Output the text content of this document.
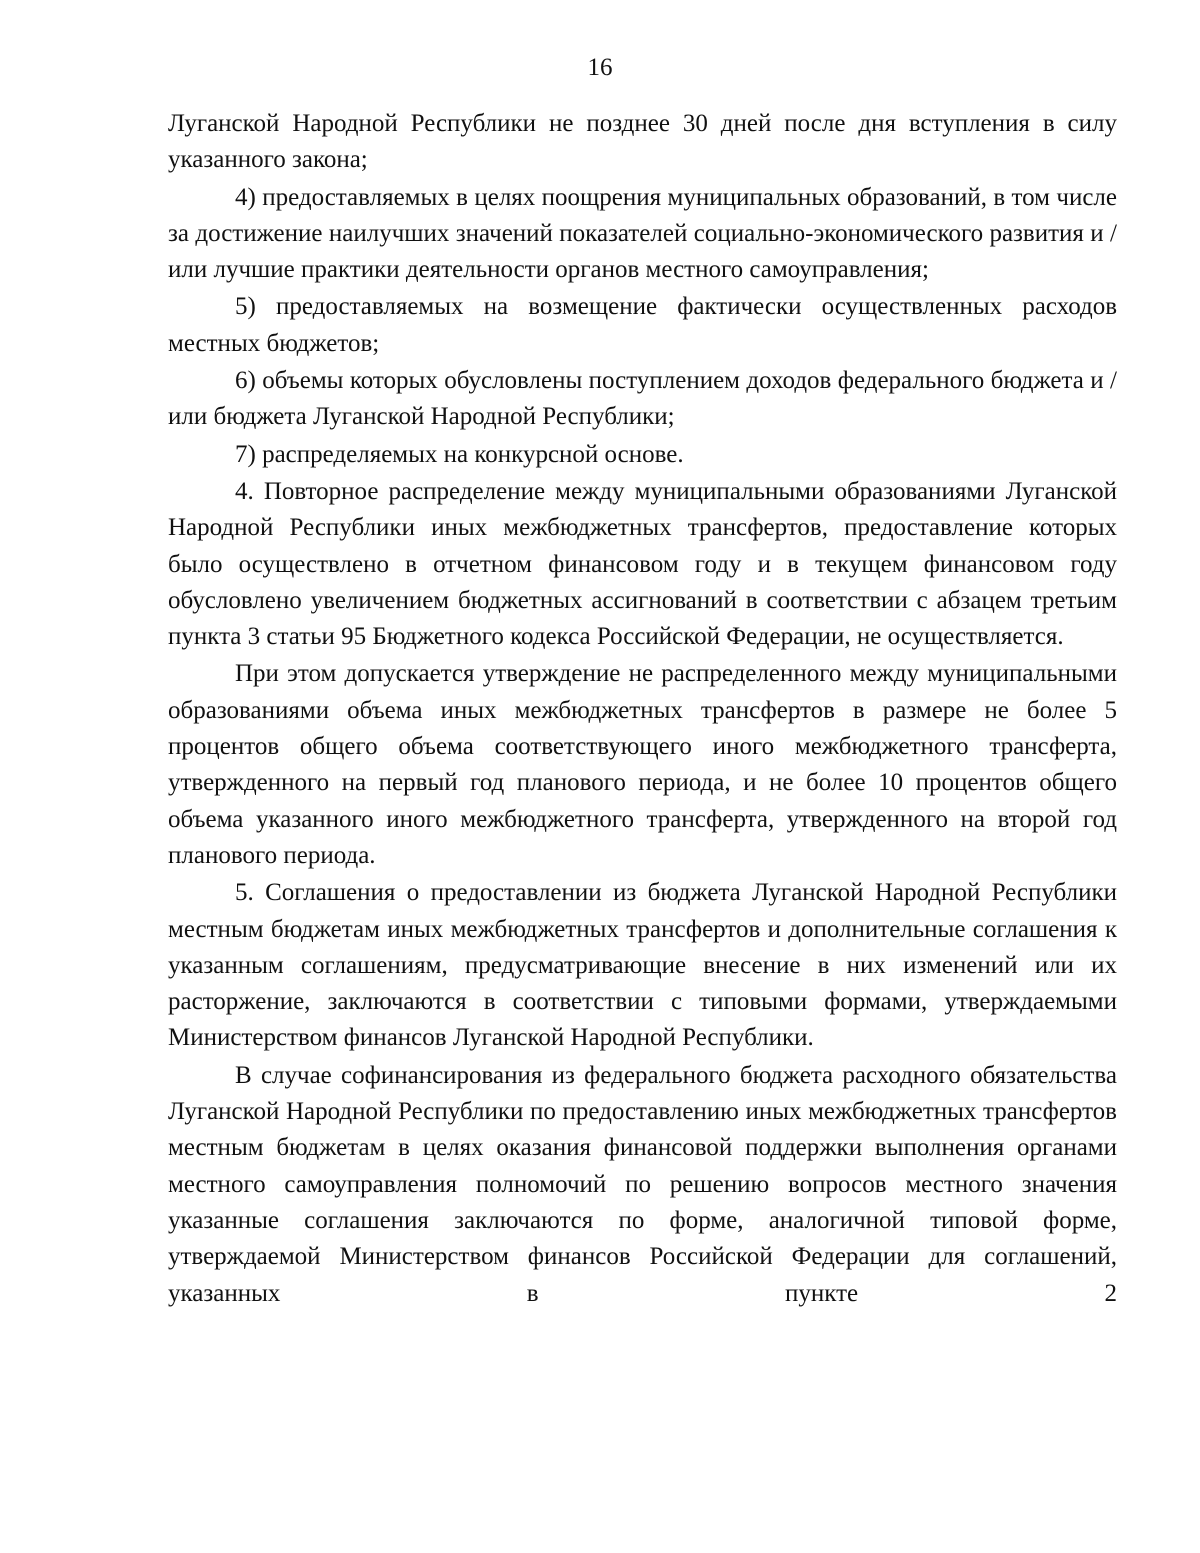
16

Луганской Народной Республики не позднее 30 дней после дня вступления в силу указанного закона;

4) предоставляемых в целях поощрения муниципальных образований, в том числе за достижение наилучших значений показателей социально-экономического развития и / или лучшие практики деятельности органов местного самоуправления;

5) предоставляемых на возмещение фактически осуществленных расходов местных бюджетов;

6) объемы которых обусловлены поступлением доходов федерального бюджета и / или бюджета Луганской Народной Республики;

7) распределяемых на конкурсной основе.

4. Повторное распределение между муниципальными образованиями Луганской Народной Республики иных межбюджетных трансфертов, предоставление которых было осуществлено в отчетном финансовом году и в текущем финансовом году обусловлено увеличением бюджетных ассигнований в соответствии с абзацем третьим пункта 3 статьи 95 Бюджетного кодекса Российской Федерации, не осуществляется.

При этом допускается утверждение не распределенного между муниципальными образованиями объема иных межбюджетных трансфертов в размере не более 5 процентов общего объема соответствующего иного межбюджетного трансферта, утвержденного на первый год планового периода, и не более 10 процентов общего объема указанного иного межбюджетного трансферта, утвержденного на второй год планового периода.

5. Соглашения о предоставлении из бюджета Луганской Народной Республики местным бюджетам иных межбюджетных трансфертов и дополнительные соглашения к указанным соглашениям, предусматривающие внесение в них изменений или их расторжение, заключаются в соответствии с типовыми формами, утверждаемыми Министерством финансов Луганской Народной Республики.

В случае софинансирования из федерального бюджета расходного обязательства Луганской Народной Республики по предоставлению иных межбюджетных трансфертов местным бюджетам в целях оказания финансовой поддержки выполнения органами местного самоуправления полномочий по решению вопросов местного значения указанные соглашения заключаются по форме, аналогичной типовой форме, утверждаемой Министерством финансов Российской Федерации для соглашений, указанных в пункте 2
